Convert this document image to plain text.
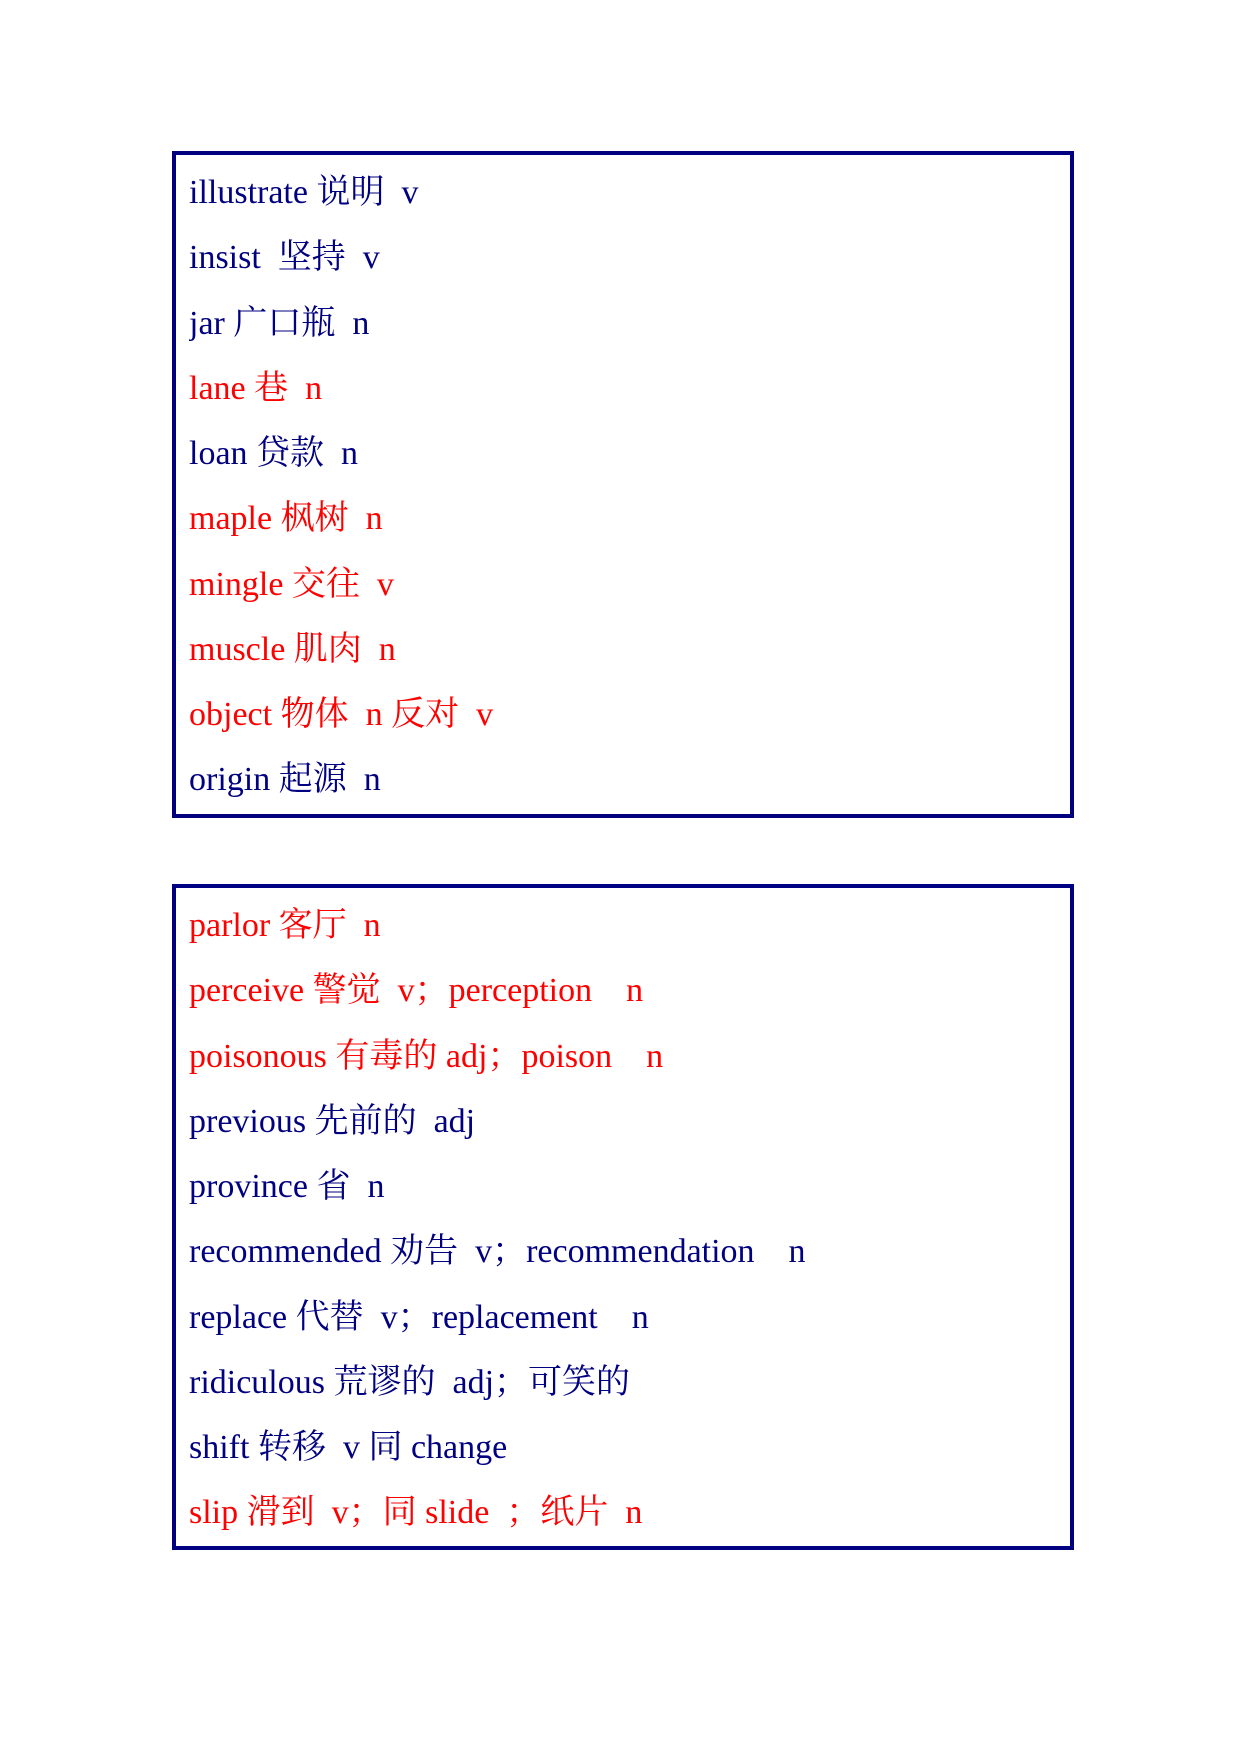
illustrate 说明  v
insist  坚持  v
jar 广口瓶  n
lane 巷  n
loan 贷款  n
maple 枫树  n
mingle 交往  v
muscle 肌肉  n
object 物体  n 反对  v
origin 起源  n
parlor 客厅  n
perceive 警觉  v；perception    n
poisonous 有毒的 adj；poison    n
previous 先前的  adj
province 省  n
recommended 劝告  v；recommendation    n
replace 代替  v；replacement    n
ridiculous 荒谬的  adj；可笑的
shift 转移  v 同 change
slip 滑到  v；同 slide  ；纸片  n
